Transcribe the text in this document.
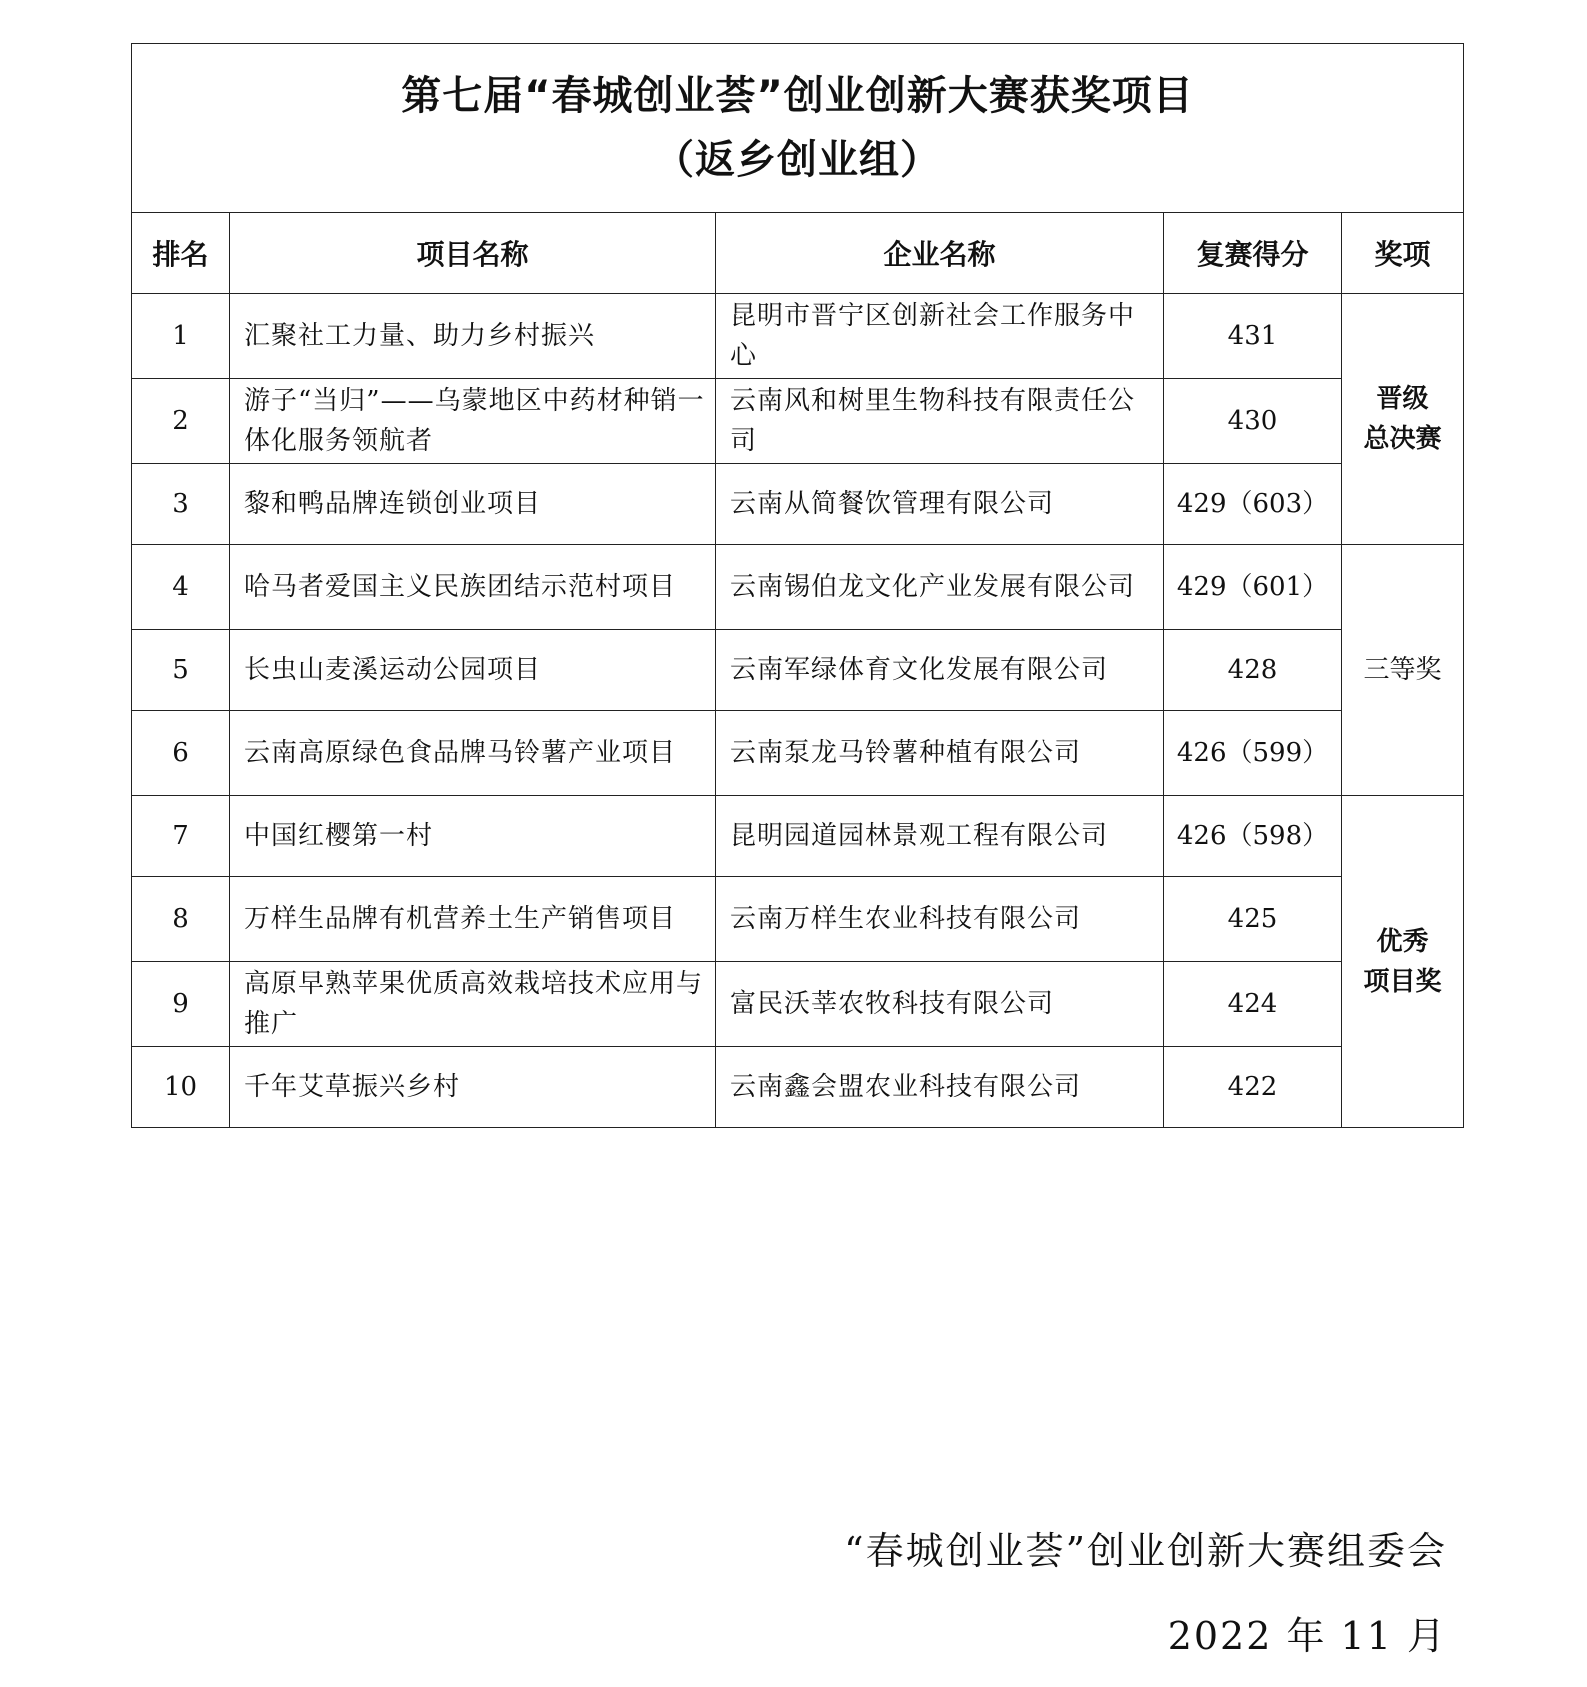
第七届“春城创业荟”创业创新大赛获奖项目
（返乡创业组）				

排名	项目名称	企业名称	复赛得分	奖项
1	汇聚社工力量、助力乡村振兴	昆明市晋宁区创新社会工作服务中心	431	晋级
总决赛

2	游子“当归”——乌蒙地区中药材种销一体化服务领航者	云南风和树里生物科技有限责任公司	430	
3	黎和鸭品牌连锁创业项目	云南从简餐饮管理有限公司	429（603）	
4	哈马者爱国主义民族团结示范村项目	云南锡伯龙文化产业发展有限公司	429（601）	三等奖

5	长虫山麦溪运动公园项目	云南军绿体育文化发展有限公司	428	
6	云南高原绿色食品牌马铃薯产业项目	云南泵龙马铃薯种植有限公司	426（599）	
7	中国红樱第一村	昆明园道园林景观工程有限公司	426（598）	优秀
项目奖

8	万样生品牌有机营养土生产销售项目	云南万样生农业科技有限公司	425	
9	高原早熟苹果优质高效栽培技术应用与推广	富民沃莘农牧科技有限公司	424	
10	千年艾草振兴乡村	云南鑫会盟农业科技有限公司	422	
“春城创业荟”创业创新大赛组委会
2022 年 11 月
